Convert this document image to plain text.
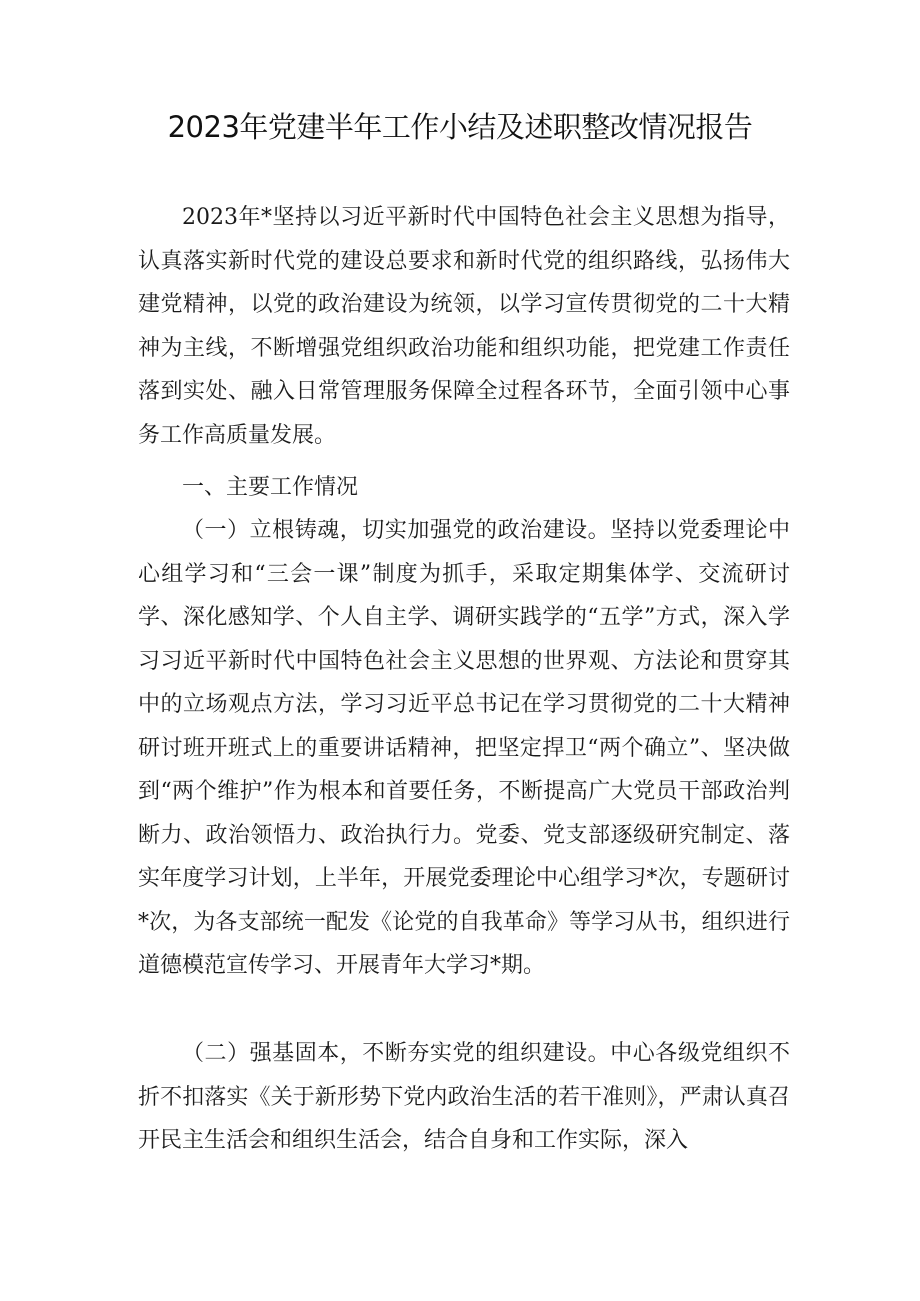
2023年党建半年工作小结及述职整改情况报告

2023年*坚持以习近平新时代中国特色社会主义思想为指导，认真落实新时代党的建设总要求和新时代党的组织路线，弘扬伟大建党精神，以党的政治建设为统领，以学习宣传贯彻党的二十大精神为主线，不断增强党组织政治功能和组织功能，把党建工作责任落到实处、融入日常管理服务保障全过程各环节，全面引领中心事务工作高质量发展。

一、主要工作情况

（一）立根铸魂，切实加强党的政治建设。坚持以党委理论中心组学习和“三会一课”制度为抓手，采取定期集体学、交流研讨学、深化感知学、个人自主学、调研实践学的“五学”方式，深入学习习近平新时代中国特色社会主义思想的世界观、方法论和贯穿其中的立场观点方法，学习习近平总书记在学习贯彻党的二十大精神研讨班开班式上的重要讲话精神，把坚定捍卫“两个确立”、坚决做到“两个维护”作为根本和首要任务，不断提高广大党员干部政治判断力、政治领悟力、政治执行力。党委、党支部逐级研究制定、落实年度学习计划，上半年，开展党委理论中心组学习*次，专题研讨*次，为各支部统一配发《论党的自我革命》等学习从书，组织进行道德模范宣传学习、开展青年大学习*期。

（二）强基固本，不断夯实党的组织建设。中心各级党组织不折不扣落实《关于新形势下党内政治生活的若干准则》，严肃认真召开民主生活会和组织生活会，结合自身和工作实际，深入
